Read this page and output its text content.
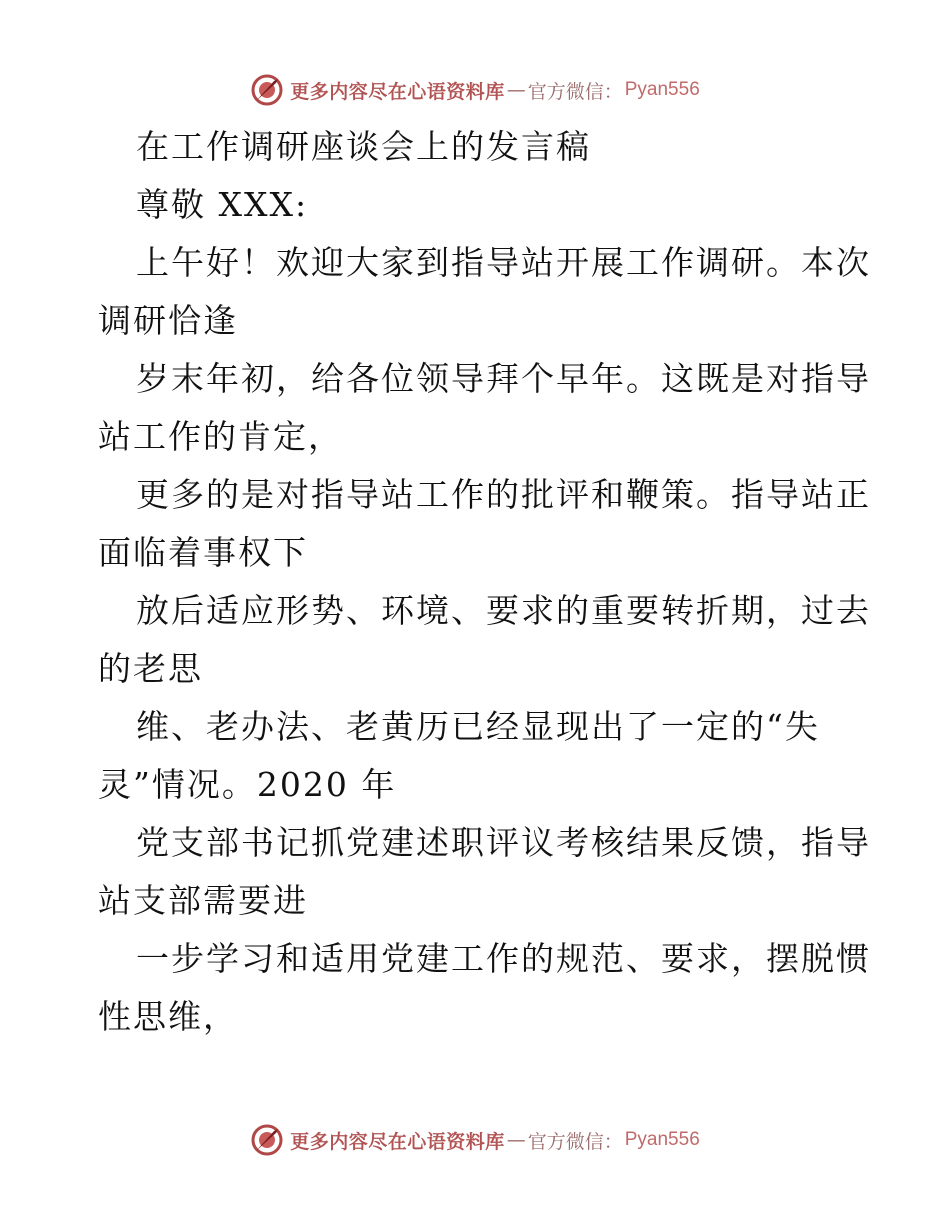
更多内容尽在心语资料库 — 官方微信： Pyan556
在工作调研座谈会上的发言稿
尊敬 XXX:
上午好！欢迎大家到指导站开展工作调研。本次
调研恰逢
岁末年初，给各位领导拜个早年。这既是对指导
站工作的肯定，
更多的是对指导站工作的批评和鞭策。指导站正
面临着事权下
放后适应形势、环境、要求的重要转折期，过去
的老思
维、老办法、老黄历已经显现出了一定的“失
灵”情况。2020 年
党支部书记抓党建述职评议考核结果反馈，指导
站支部需要进
一步学习和适用党建工作的规范、要求，摆脱惯
性思维，
更多内容尽在心语资料库 — 官方微信： Pyan556
